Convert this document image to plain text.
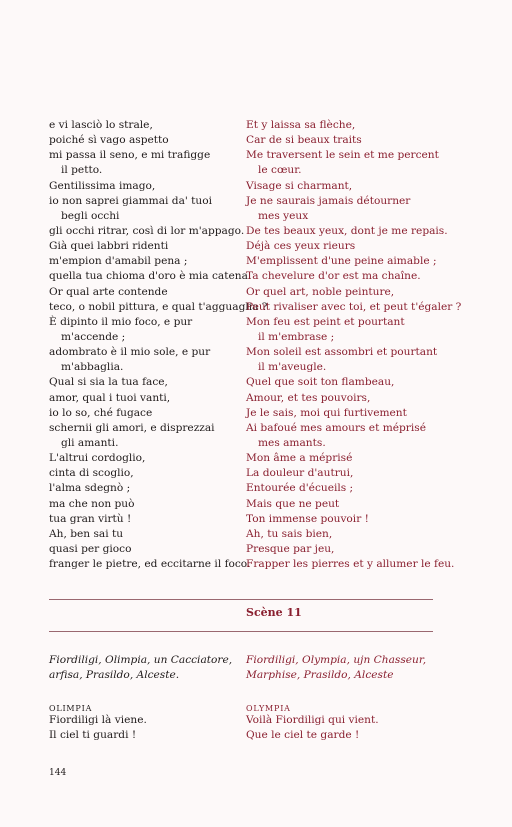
e vi lasciò lo strale,
poiché sì vago aspetto
mi passa il seno, e mi trafigge
il petto.
Gentilissima imago,
io non saprei giammai da' tuoi
begli occhi
gli occhi ritrar, così di lor m'appago.
Già quei labbri ridenti
m'empion d'amabil pena ;
quella tua chioma d'oro è mia catena.
Or qual arte contende
teco, o nobil pittura, e qual t'agguaglia ?
È dipinto il mio foco, e pur
m'accende ;
adombrato è il mio sole, e pur
m'abbaglia.
Qual si sia la tua face,
amor, qual i tuoi vanti,
io lo so, ché fugace
schernii gli amori, e disprezzai
gli amanti.
L'altrui cordoglio,
cinta di scoglio,
l'alma sdegnò ;
ma che non può
tua gran virtù !
Ah, ben sai tu
quasi per gioco
franger le pietre, ed eccitarne il foco.
Et y laissa sa flèche,
Car de si beaux traits
Me traversent le sein et me percent
le cœur.
Visage si charmant,
Je ne saurais jamais détourner
mes yeux
De tes beaux yeux, dont je me repais.
Déjà ces yeux rieurs
M'emplissent d'une peine aimable ;
Ta chevelure d'or est ma chaîne.
Or quel art, noble peinture,
Peut rivaliser avec toi, et peut t'égaler ?
Mon feu est peint et pourtant
il m'embrase ;
Mon soleil est assombri et pourtant
il m'aveugle.
Quel que soit ton flambeau,
Amour, et tes pouvoirs,
Je le sais, moi qui furtivement
Ai bafoué mes amours et méprisé
mes amants.
Mon âme a méprisé
La douleur d'autrui,
Entourée d'écueils ;
Mais que ne peut
Ton immense pouvoir !
Ah, tu sais bien,
Presque par jeu,
Frapper les pierres et y allumer le feu.
Scène 11
Fiordiligi, Olimpia, un Cacciatore,
arfisa, Prasildo, Alceste.
Fiordiligi, Olympia, ujn Chasseur,
Marphise, Prasildo, Alceste
OLIMPIA	OLYMPIA
Fiordiligi là viene.
Il ciel ti guardi !
Voilà Fiordiligi qui vient.
Que le ciel te garde !
144
